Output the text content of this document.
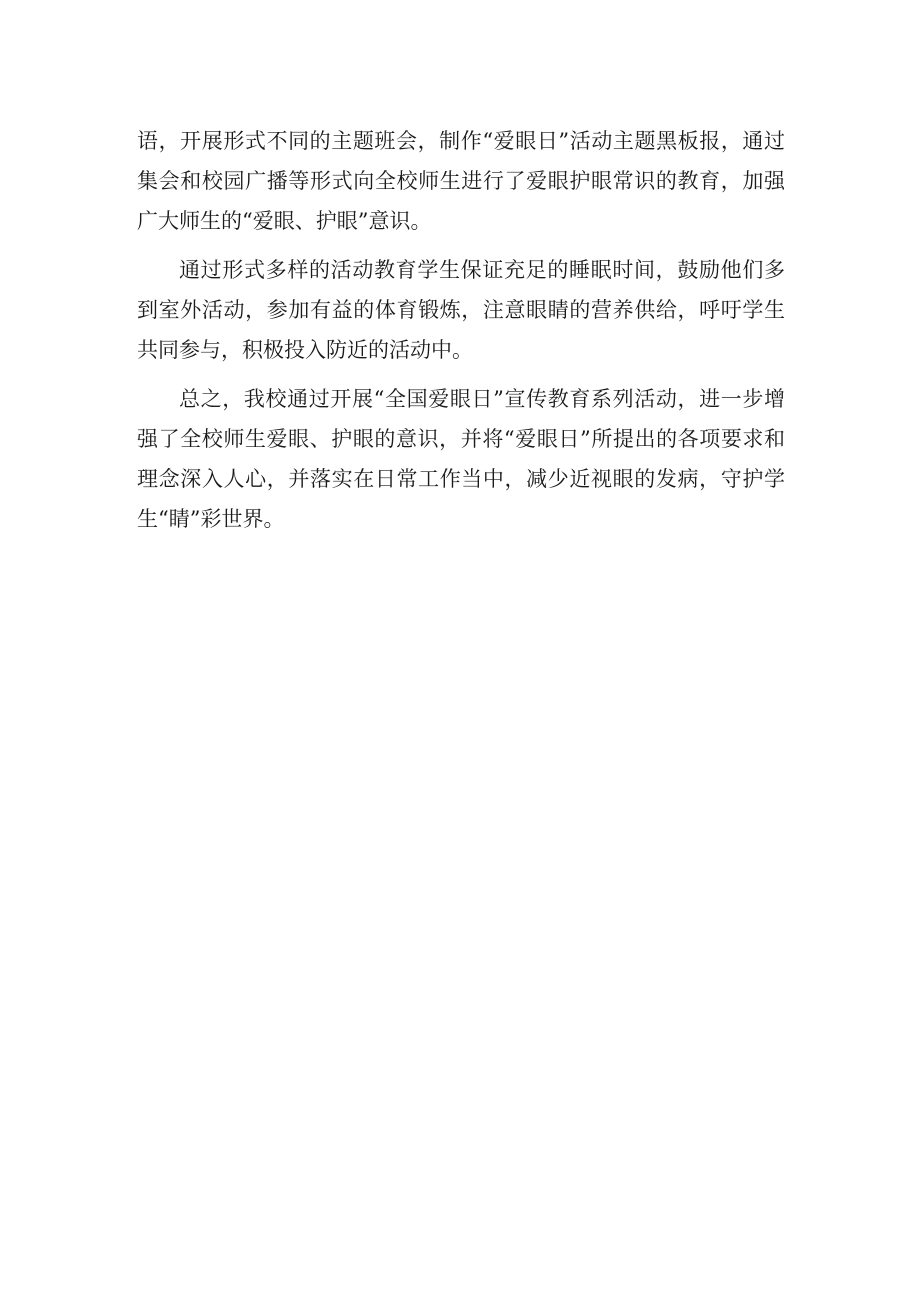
语，开展形式不同的主题班会，制作“爱眼日”活动主题黑板报，通过集会和校园广播等形式向全校师生进行了爱眼护眼常识的教育，加强广大师生的“爱眼、护眼”意识。

通过形式多样的活动教育学生保证充足的睡眠时间，鼓励他们多到室外活动，参加有益的体育锻炼，注意眼睛的营养供给，呼吁学生共同参与，积极投入防近的活动中。

总之，我校通过开展“全国爱眼日”宣传教育系列活动，进一步增强了全校师生爱眼、护眼的意识，并将“爱眼日”所提出的各项要求和理念深入人心，并落实在日常工作当中，减少近视眼的发病，守护学生“睛”彩世界。
